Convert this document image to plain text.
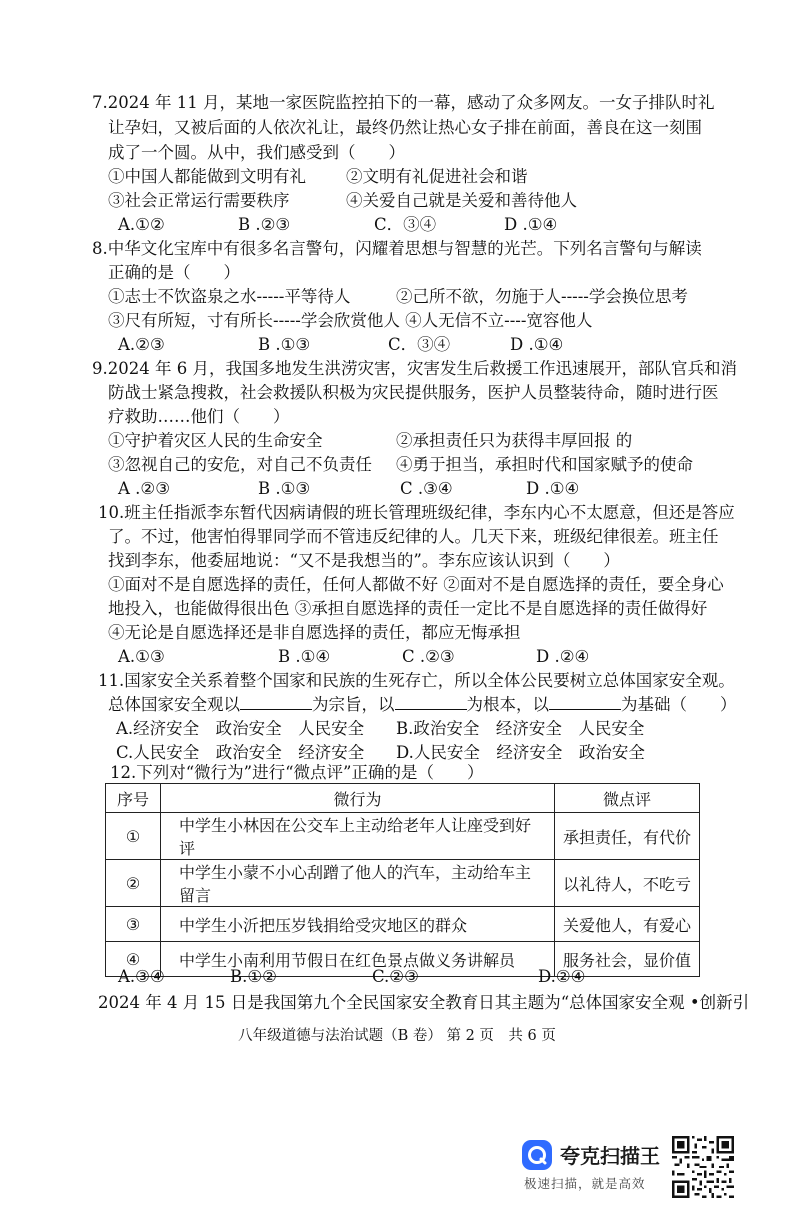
7.2024 年 11 月，某地一家医院监控拍下的一幕，感动了众多网友。一女子排队时礼
让孕妇，又被后面的人依次礼让，最终仍然让热心女子排在前面，善良在这一刻围
成了一个圆。从中，我们感受到（　　）
①中国人都能做到文明有礼 ②文明有礼促进社会和谐
③社会正常运行需要秩序	④关爱自己就是关爱和善待他人
A.①②	B .②③	C．③④	D .①④
8.中华文化宝库中有很多名言警句，闪耀着思想与智慧的光芒。下列名言警句与解读
正确的是（　　）
①志士不饮盗泉之水-----平等待人	②己所不欲，勿施于人-----学会换位思考
③尺有所短，寸有所长-----学会欣赏他人 ④人无信不立----宽容他人
A.②③	B .①③	C．③④	D .①④
9.2024 年 6 月，我国多地发生洪涝灾害，灾害发生后救援工作迅速展开，部队官兵和消
防战士紧急搜救，社会救援队积极为灾民提供服务，医护人员整装待命，随时进行医
疗救助……他们（　　）
①守护着灾区人民的生命安全	②承担责任只为获得丰厚回报 的
③忽视自己的安危，对自己不负责任 ④勇于担当，承担时代和国家赋予的使命
A .②③	B .①③	C .③④	D .①④
10.班主任指派李东暂代因病请假的班长管理班级纪律，李东内心不太愿意，但还是答应
了。不过，他害怕得罪同学而不管违反纪律的人。几天下来，班级纪律很差。班主任
找到李东，他委屈地说：“又不是我想当的”。李东应该认识到（　　）
①面对不是自愿选择的责任，任何人都做不好 ②面对不是自愿选择的责任，要全身心
地投入，也能做得很出色 ③承担自愿选择的责任一定比不是自愿选择的责任做得好
④无论是自愿选择还是非自愿选择的责任，都应无悔承担
A.①③	B .①④	C .②③	D .②④
11.国家安全关系着整个国家和民族的生死存亡，所以全体公民要树立总体国家安全观。
总体国家安全观以	为宗旨，以	为根本，以	为基础（　　）
A.经济安全　政治安全　人民安全 B.政治安全　经济安全　人民安全
C.人民安全　政治安全　经济安全 D.人民安全　经济安全　政治安全
12.下列对“微行为”进行“微点评”正确的是（　　）
序号	微行为	微点评
①	中学生小林因在公交车上主动给老年人让座受到好评	承担责任，有代价
②	中学生小蒙不小心刮蹭了他人的汽车，主动给车主留言	以礼待人，不吃亏
③	中学生小沂把压岁钱捐给受灾地区的群众	关爱他人，有爱心
④	中学生小南利用节假日在红色景点做义务讲解员	服务社会，显价值
A.③④	B.①②	C.②③	D.②④
2024 年 4 月 15 日是我国第九个全民国家安全教育日其主题为“总体国家安全观 •创新引
八年级道德与法治试题（B 卷） 第 2 页　共 6 页
夸克扫描王
极速扫描，就是高效
